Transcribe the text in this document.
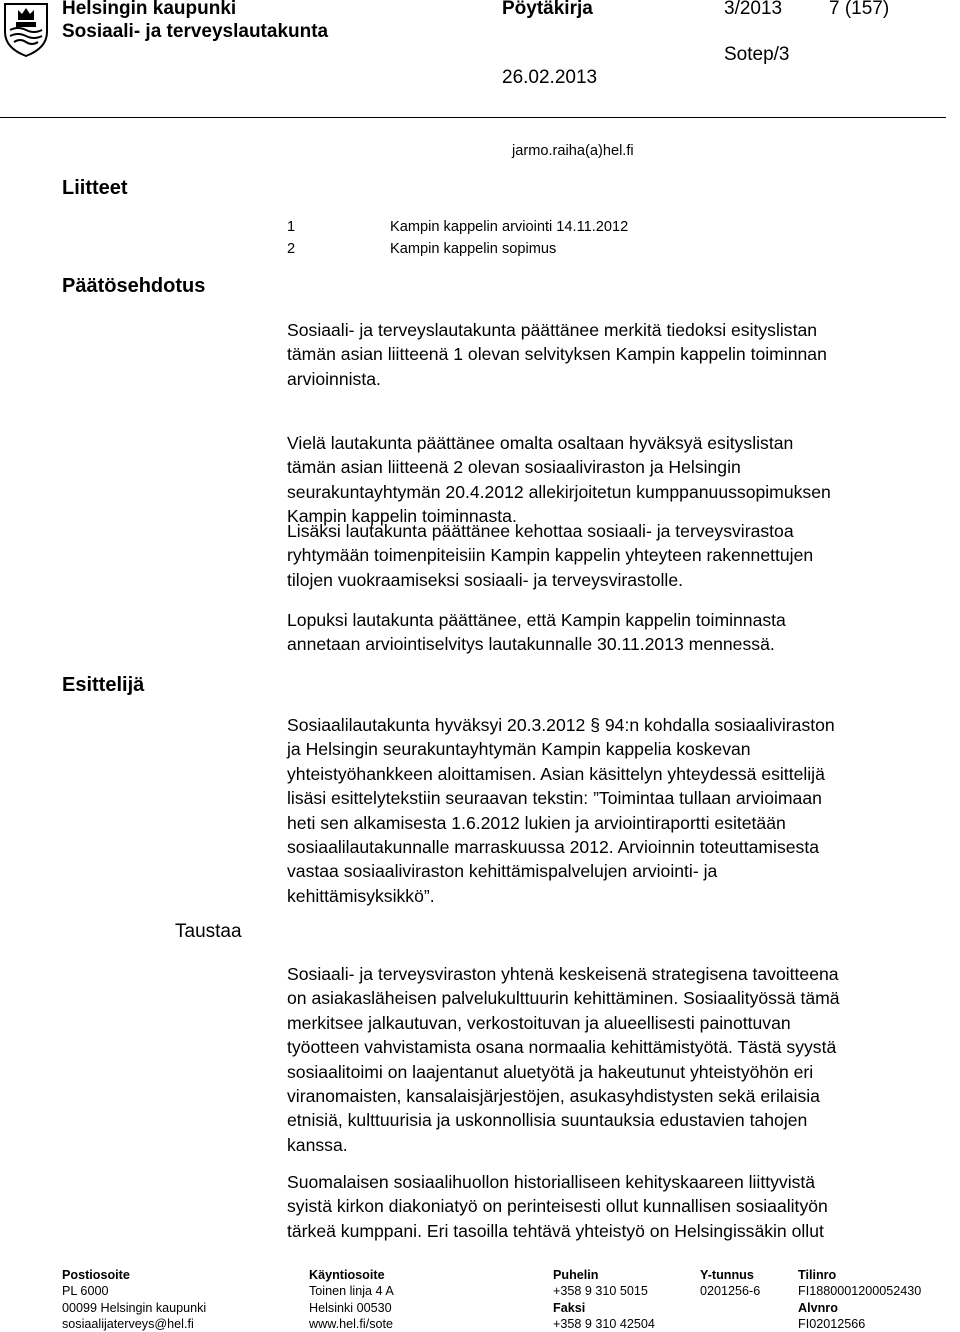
Helsingin kaupunki
Sosiaali- ja terveyslautakunta
Pöytäkirja	3/2013 7 (157)
Sotep/3
26.02.2013
jarmo.raiha(a)hel.fi
Liitteet
Päätösehdotus
Esittelijä
Taustaa
1	Kampin kappelin arviointi 14.11.2012
2	Kampin kappelin sopimus

Sosiaali- ja terveyslautakunta päättänee merkitä tiedoksi esityslistan
tämän asian liitteenä 1 olevan selvityksen Kampin kappelin toiminnan
arvioinnista.

Vielä lautakunta päättänee omalta osaltaan hyväksyä esityslistan
tämän asian liitteenä 2 olevan sosiaaliviraston ja Helsingin
seurakuntayhtymän 20.4.2012 allekirjoitetun kumppanuussopimuksen
Kampin kappelin toiminnasta.

Lisäksi lautakunta päättänee kehottaa sosiaali- ja terveysvirastoa
ryhtymään toimenpiteisiin Kampin kappelin yhteyteen rakennettujen
tilojen vuokraamiseksi sosiaali- ja terveysvirastolle.

Lopuksi lautakunta päättänee, että Kampin kappelin toiminnasta
annetaan arviointiselvitys lautakunnalle 30.11.2013 mennessä.

Sosiaalilautakunta hyväksyi 20.3.2012 § 94:n kohdalla sosiaaliviraston
ja Helsingin seurakuntayhtymän Kampin kappelia koskevan
yhteistyöhankkeen aloittamisen. Asian käsittelyn yhteydessä esittelijä
lisäsi esittelytekstiin seuraavan tekstin: ”Toimintaa tullaan arvioimaan
heti sen alkamisesta 1.6.2012 lukien ja arviointiraportti esitetään
sosiaalilautakunnalle marraskuussa 2012. Arvioinnin toteuttamisesta
vastaa sosiaaliviraston kehittämispalvelujen arviointi- ja
kehittämisyksikkö”.

Sosiaali- ja terveysviraston yhtenä keskeisenä strategisena tavoitteena
on asiakasläheisen palvelukulttuurin kehittäminen. Sosiaalityössä tämä
merkitsee jalkautuvan, verkostoituvan ja alueellisesti painottuvan
työotteen vahvistamista osana normaalia kehittämistyötä. Tästä syystä
sosiaalitoimi on laajentanut aluetyötä ja hakeutunut yhteistyöhön eri
viranomaisten, kansalaisjärjestöjen, asukasyhdistysten sekä erilaisia
etnisiä, kulttuurisia ja uskonnollisia suuntauksia edustavien tahojen
kanssa.

Suomalaisen sosiaalihuollon historialliseen kehityskaareen liittyvistä
syistä kirkon diakoniatyö on perinteisesti ollut kunnallisen sosiaalityön
tärkeä kumppani. Eri tasoilla tehtävä yhteistyö on Helsingissäkin ollut

Postiosoite
PL 6000
00099 Helsingin kaupunki
sosiaalijaterveys@hel.fi
Käyntiosoite
Toinen linja 4 A
Helsinki 00530
www.hel.fi/sote
Puhelin
+358 9 310 5015
Faksi
+358 9 310 42504
Y-tunnus
0201256-6
Tilinro
FI1880001200052430
Alvnro
FI02012566
